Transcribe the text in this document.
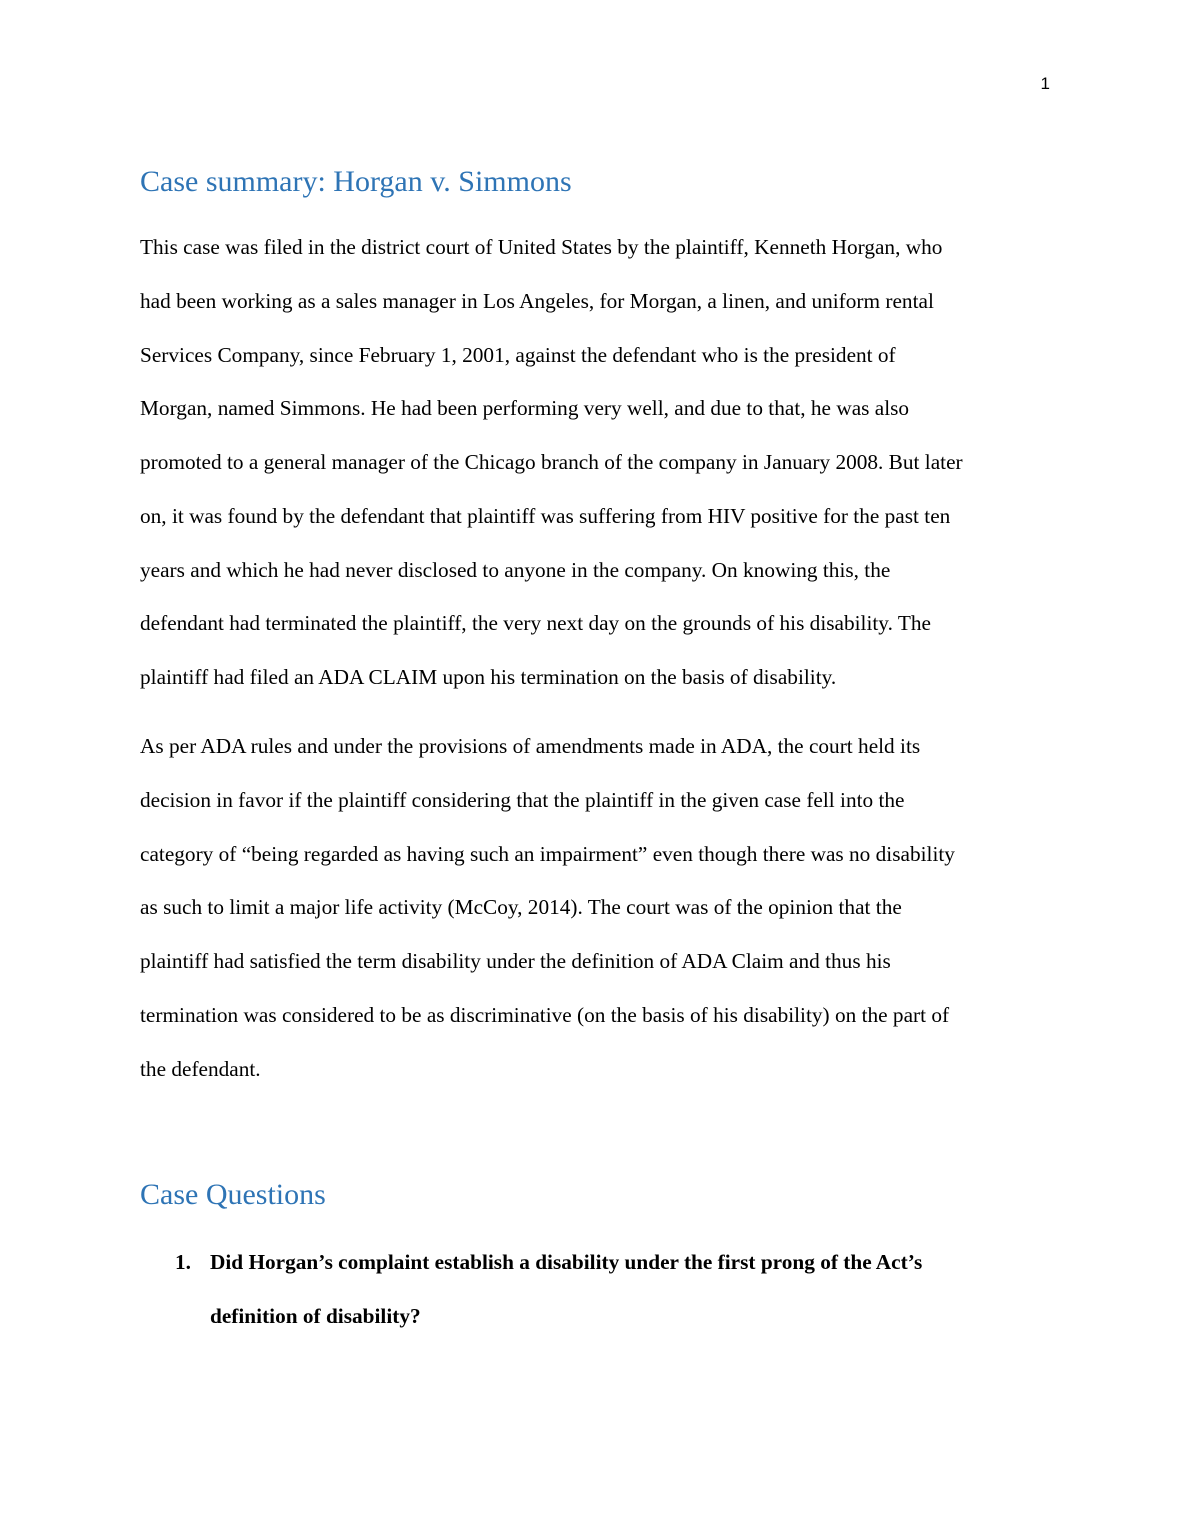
1
Case summary: Horgan v. Simmons

This case was filed in the district court of United States by the plaintiff, Kenneth Horgan, who
had been working as a sales manager in Los Angeles, for Morgan, a linen, and uniform rental
Services Company, since February 1, 2001, against the defendant who is the president of
Morgan, named Simmons. He had been performing very well, and due to that, he was also
promoted to a general manager of the Chicago branch of the company in January 2008. But later
on, it was found by the defendant that plaintiff was suffering from HIV positive for the past ten
years and which he had never disclosed to anyone in the company. On knowing this, the
defendant had terminated the plaintiff, the very next day on the grounds of his disability. The
plaintiff had filed an ADA CLAIM upon his termination on the basis of disability.

As per ADA rules and under the provisions of amendments made in ADA, the court held its
decision in favor if the plaintiff considering that the plaintiff in the given case fell into the
category of “being regarded as having such an impairment” even though there was no disability
as such to limit a major life activity (McCoy, 2014). The court was of the opinion that the
plaintiff had satisfied the term disability under the definition of ADA Claim and thus his
termination was considered to be as discriminative (on the basis of his disability) on the part of
the defendant.

Case Questions
1. Did Horgan’s complaint establish a disability under the first prong of the Act’s
definition of disability?
